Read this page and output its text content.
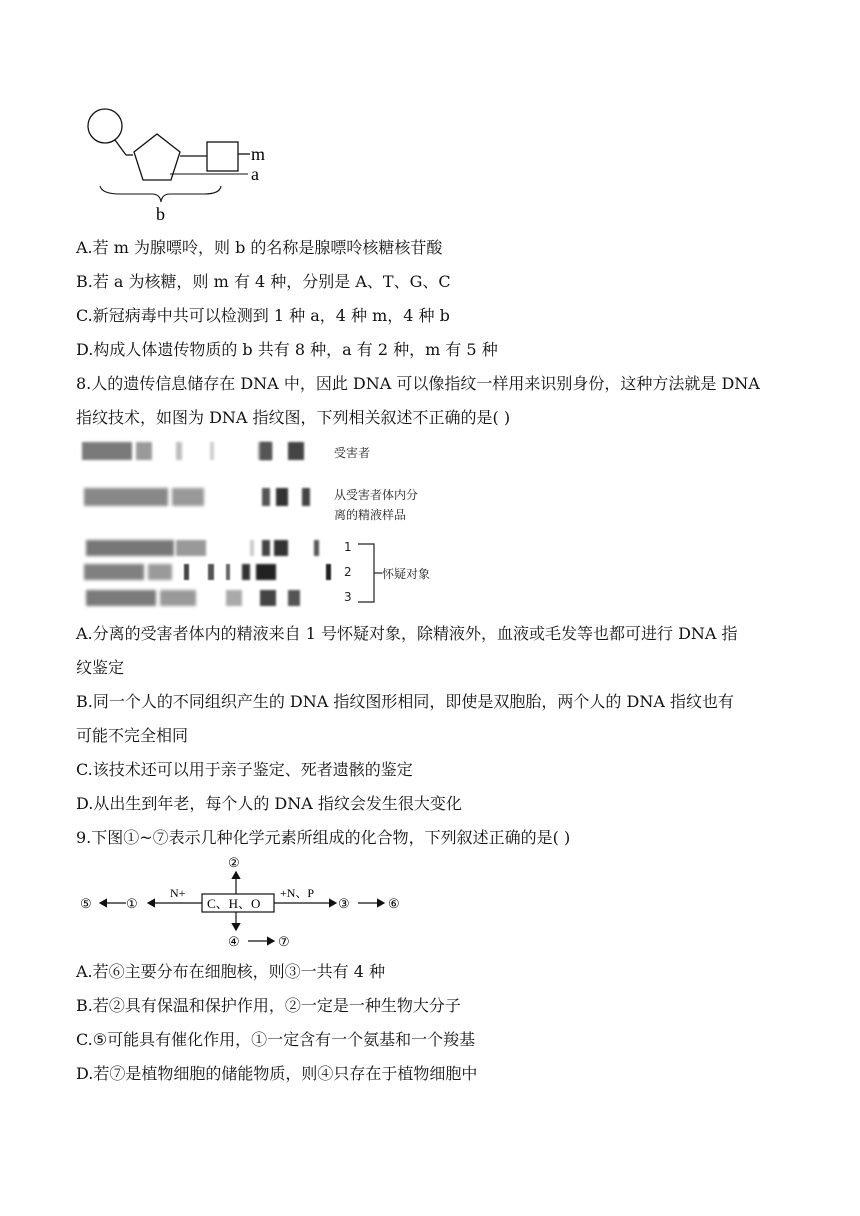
m
a
b
A.若 m 为腺嘌呤，则 b 的名称是腺嘌呤核糖核苷酸
B.若 a 为核糖，则 m 有 4 种，分别是 A、T、G、C
C.新冠病毒中共可以检测到 1 种 a，4 种 m，4 种 b
D.构成人体遗传物质的 b 共有 8 种，a 有 2 种，m 有 5 种
8.人的遗传信息储存在 DNA 中，因此 DNA 可以像指纹一样用来识别身份，这种方法就是 DNA
指纹技术，如图为 DNA 指纹图，下列相关叙述不正确的是( )
受害者
从受害者体内分
离的精液样品
1
2
3
怀疑对象
A.分离的受害者体内的精液来自 1 号怀疑对象，除精液外，血液或毛发等也都可进行 DNA 指
纹鉴定
B.同一个人的不同组织产生的 DNA 指纹图形相同，即使是双胞胎，两个人的 DNA 指纹也有
可能不完全相同
C.该技术还可以用于亲子鉴定、死者遗骸的鉴定
D.从出生到年老，每个人的 DNA 指纹会发生很大变化
9.下图①~⑦表示几种化学元素所组成的化合物，下列叙述正确的是( )
C、H、O
②
N+
①
⑤
+N、P
③	⑥
④	⑦
A.若⑥主要分布在细胞核，则③一共有 4 种
B.若②具有保温和保护作用，②一定是一种生物大分子
C.⑤可能具有催化作用，①一定含有一个氨基和一个羧基
D.若⑦是植物细胞的储能物质，则④只存在于植物细胞中
